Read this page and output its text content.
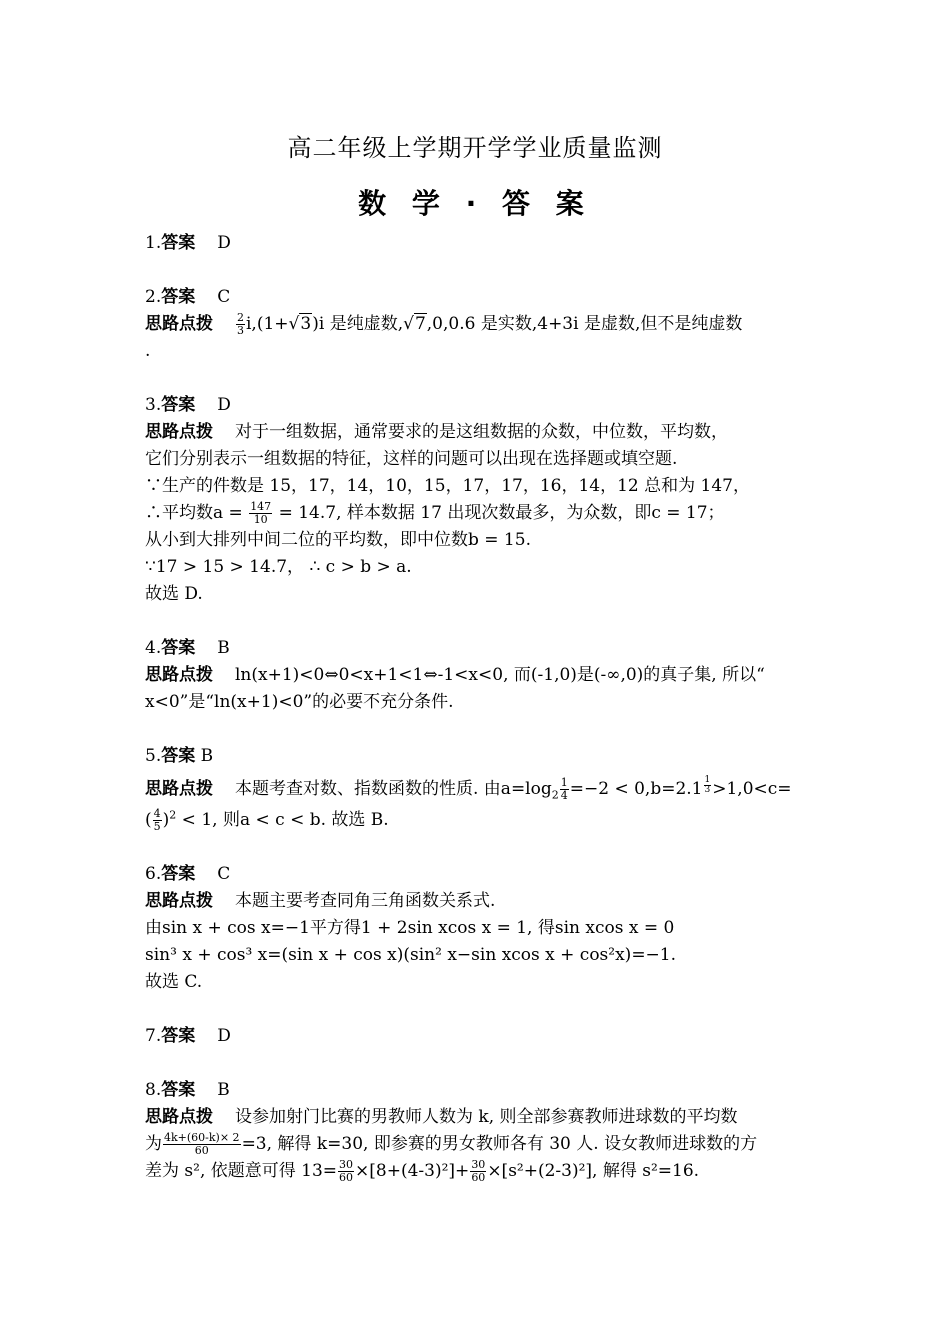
高二年级上学期开学学业质量监测
数 学 · 答 案
1.答案 D
2.答案 C
思路点拨 $\frac{2}{3} i,(1+√3)i$ 是纯虚数,√7,0,0.6 是实数,4+3i 是虚数,但不是纯虚数
.
3.答案 D
思路点拨 对于一组数据，通常要求的是这组数据的众数，中位数，平均数，
它们分别表示一组数据的特征，这样的问题可以出现在选择题或填空题.
∵生产的件数是 15，17，14，10，15，17，17，16，14，12 总和为 147，
∴平均数$a = \frac{147}{10} = 14.7$, 样本数据 17 出现次数最多，为众数，即c = 17；
从小到大排列中间二位的平均数，即中位数b = 15.
∵17 > 15 > 14.7， ∴ c > b > a.
故选 D.
4.答案 B
思路点拨 ln(x+1)<0⇔0<x+1<1⇔-1<x<0, 而(-1,0)是(-∞,0)的真子集, 所以“
x<0”是“ln(x+1)<0”的必要不充分条件.
5.答案 B
思路点拨 本题考查对数、指数函数的性质. 由$a=\log_2 \frac{1}{4} =-2 < 0,b=2.1 \frac{1}{3} >1,0<c=$
( $\frac{4}{5} )^2 < 1$, 则a < c < b. 故选 B.
6.答案 C
思路点拨 本题主要考查同角三角函数关系式.
由sin x + cos x=−1平方得1 + 2sin xcos x = 1, 得sin xcos x = 0
sin³ x + cos³ x=(sin x + cos x)(sin² x−sin xcos x + cos²x)=−1.
故选 C.
7.答案 D
8.答案 B
思路点拨 设参加射门比赛的男教师人数为 k, 则全部参赛教师进球数的平均数
为 $\frac{4k+(60-k)\times 2}{60} =3$, 解得 k=30, 即参赛的男女教师各有 30 人. 设女教师进球数的方
差为 s², 依题意可得 $13= \frac{30}{60} \times[8+(4-3)^2]+ \frac{30}{60} \times[s^2+(2-3)^2]$, 解得 s²=16.
